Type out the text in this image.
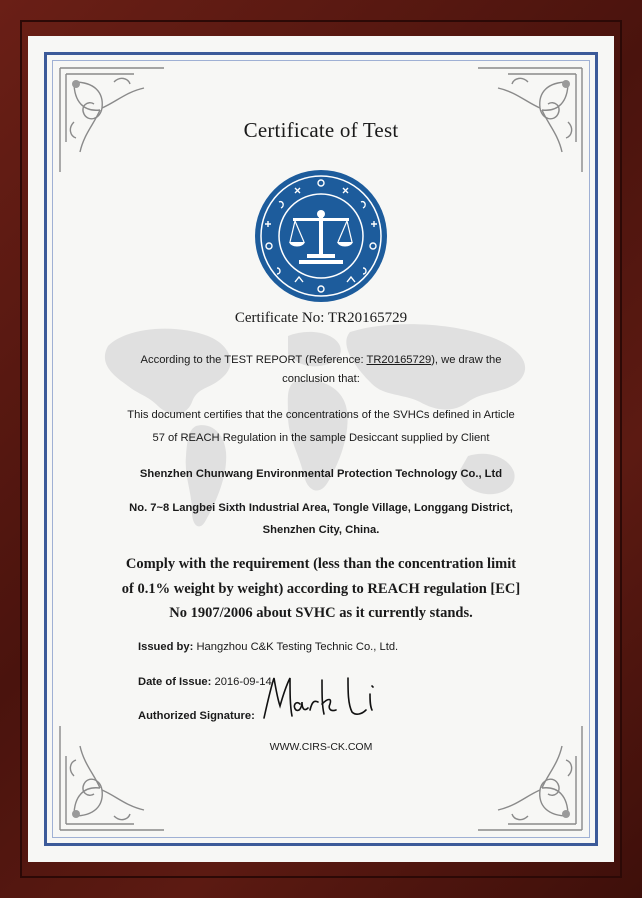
Certificate of Test
Certificate No: TR20165729
According to the TEST REPORT (Reference: TR20165729), we draw the
conclusion that:
This document certifies that the concentrations of the SVHCs defined in Article
57 of REACH Regulation in the sample Desiccant supplied by Client
Shenzhen Chunwang Environmental Protection Technology Co., Ltd
No. 7~8 Langbei Sixth Industrial Area, Tongle Village, Longgang District,
Shenzhen City, China.
Comply with the requirement (less than the concentration limit
of 0.1% weight by weight) according to REACH regulation [EC]
No 1907/2006 about SVHC as it currently stands.
Issued by: Hangzhou C&K Testing Technic Co., Ltd.
Date of Issue: 2016-09-14
Authorized Signature:
WWW.CIRS-CK.COM
